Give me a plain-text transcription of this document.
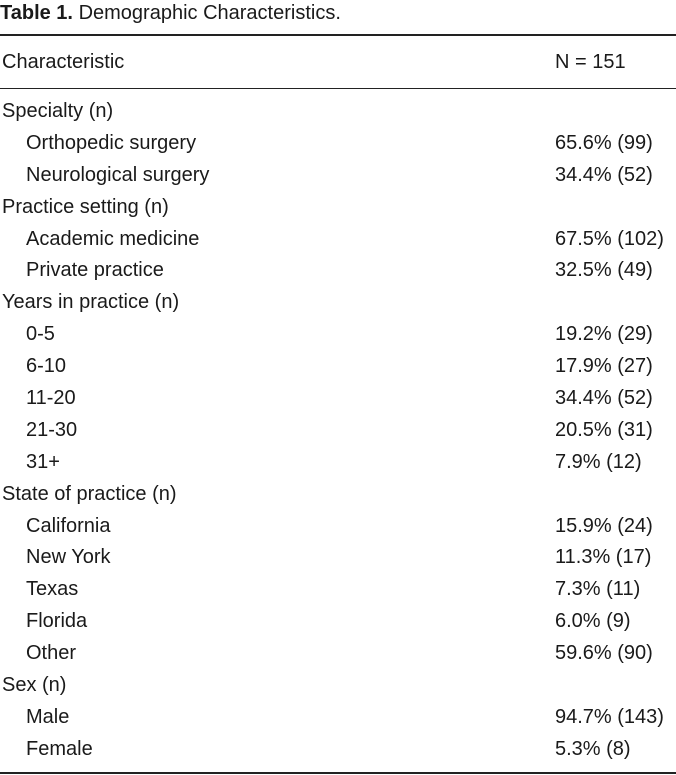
Table 1. Demographic Characteristics.
Characteristic	N = 151
Specialty (n)
Orthopedic surgery	65.6% (99)
Neurological surgery	34.4% (52)
Practice setting (n)
Academic medicine	67.5% (102)
Private practice	32.5% (49)
Years in practice (n)
0-5	19.2% (29)
6-10	17.9% (27)
11-20	34.4% (52)
21-30	20.5% (31)
31+	7.9% (12)
State of practice (n)
California	15.9% (24)
New York	11.3% (17)
Texas	7.3% (11)
Florida	6.0% (9)
Other	59.6% (90)
Sex (n)
Male	94.7% (143)
Female	5.3% (8)
